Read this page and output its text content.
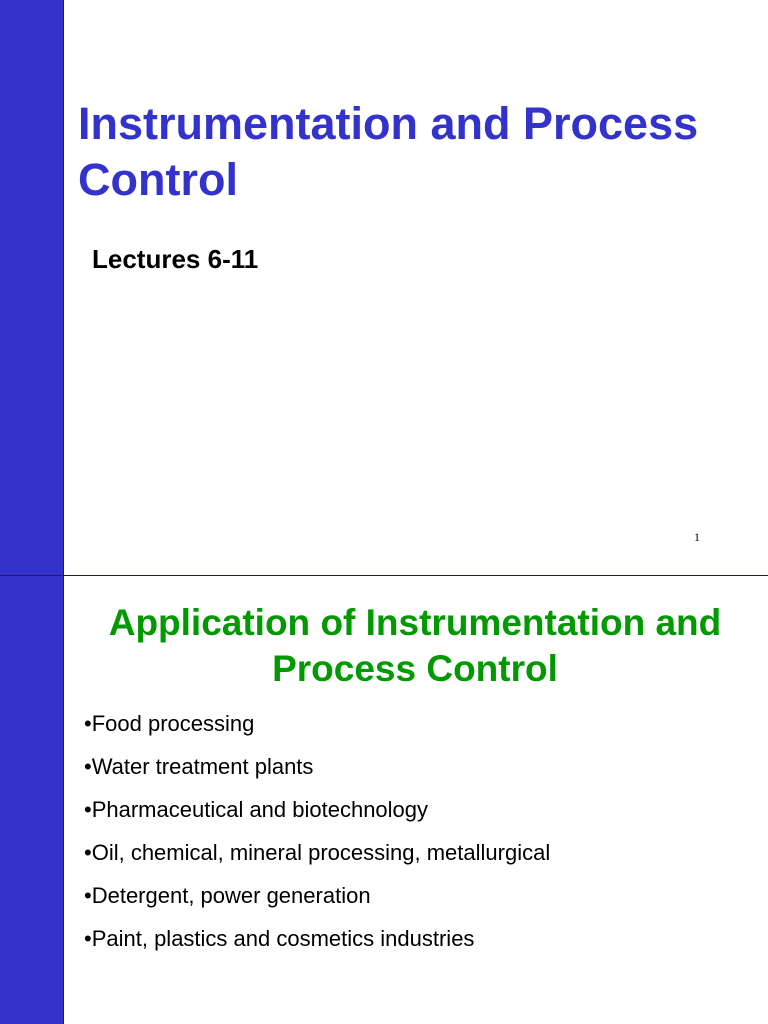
Instrumentation and Process Control
Lectures 6-11
1
Application of Instrumentation and Process Control
•Food processing
•Water treatment plants
•Pharmaceutical and biotechnology
•Oil, chemical, mineral processing, metallurgical
•Detergent, power generation
•Paint, plastics and cosmetics industries
